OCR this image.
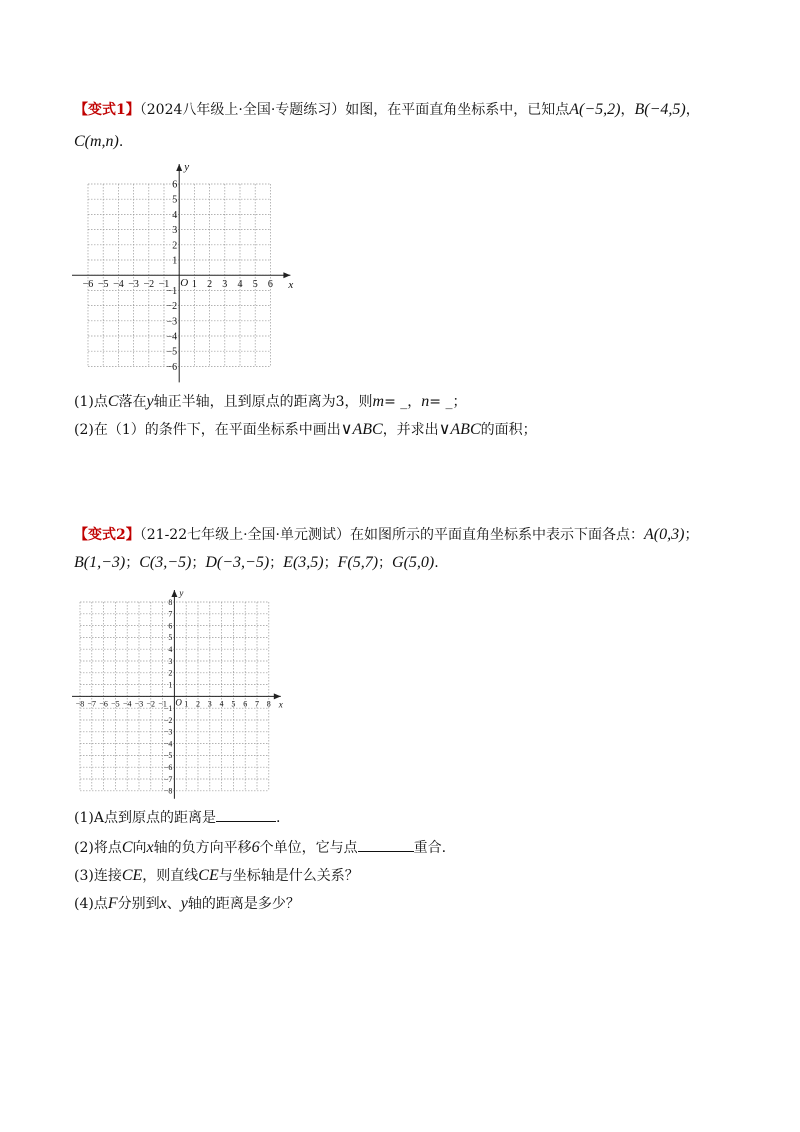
【变式1】（2024八年级上·全国·专题练习）如图，在平面直角坐标系中，已知点A(−5,2)，B(−4,5)，
C(m,n).
−6
−6
−5
−5
−4
−4
−3
−3
−2
−2
−1
−1
1
1
2
2
3
3
4
4
5
5
6
6
O	x
y
(1)点C落在y轴正半轴，且到原点的距离为3，则m= _，n= _；
(2)在（1）的条件下，在平面坐标系中画出∨ABC，并求出∨ABC的面积；
【变式2】（21-22七年级上·全国·单元测试）在如图所示的平面直角坐标系中表示下面各点：A(0,3)；
B(1,−3)；C(3,−5)；D(−3,−5)；E(3,5)；F(5,7)；G(5,0).
−8
−8
−7
−7
−6
−6
−5
−5
−4
−4
−3
−3
−2
−2
−1
−1
1
1
2
2
3
3
4
4
5
5
6
6
7
7
8
8
O	x
y
(1)A点到原点的距离是	.
(2)将点C向x轴的负方向平移6个单位，它与点	重合.
(3)连接CE，则直线CE与坐标轴是什么关系？
(4)点F分别到x、y轴的距离是多少？
